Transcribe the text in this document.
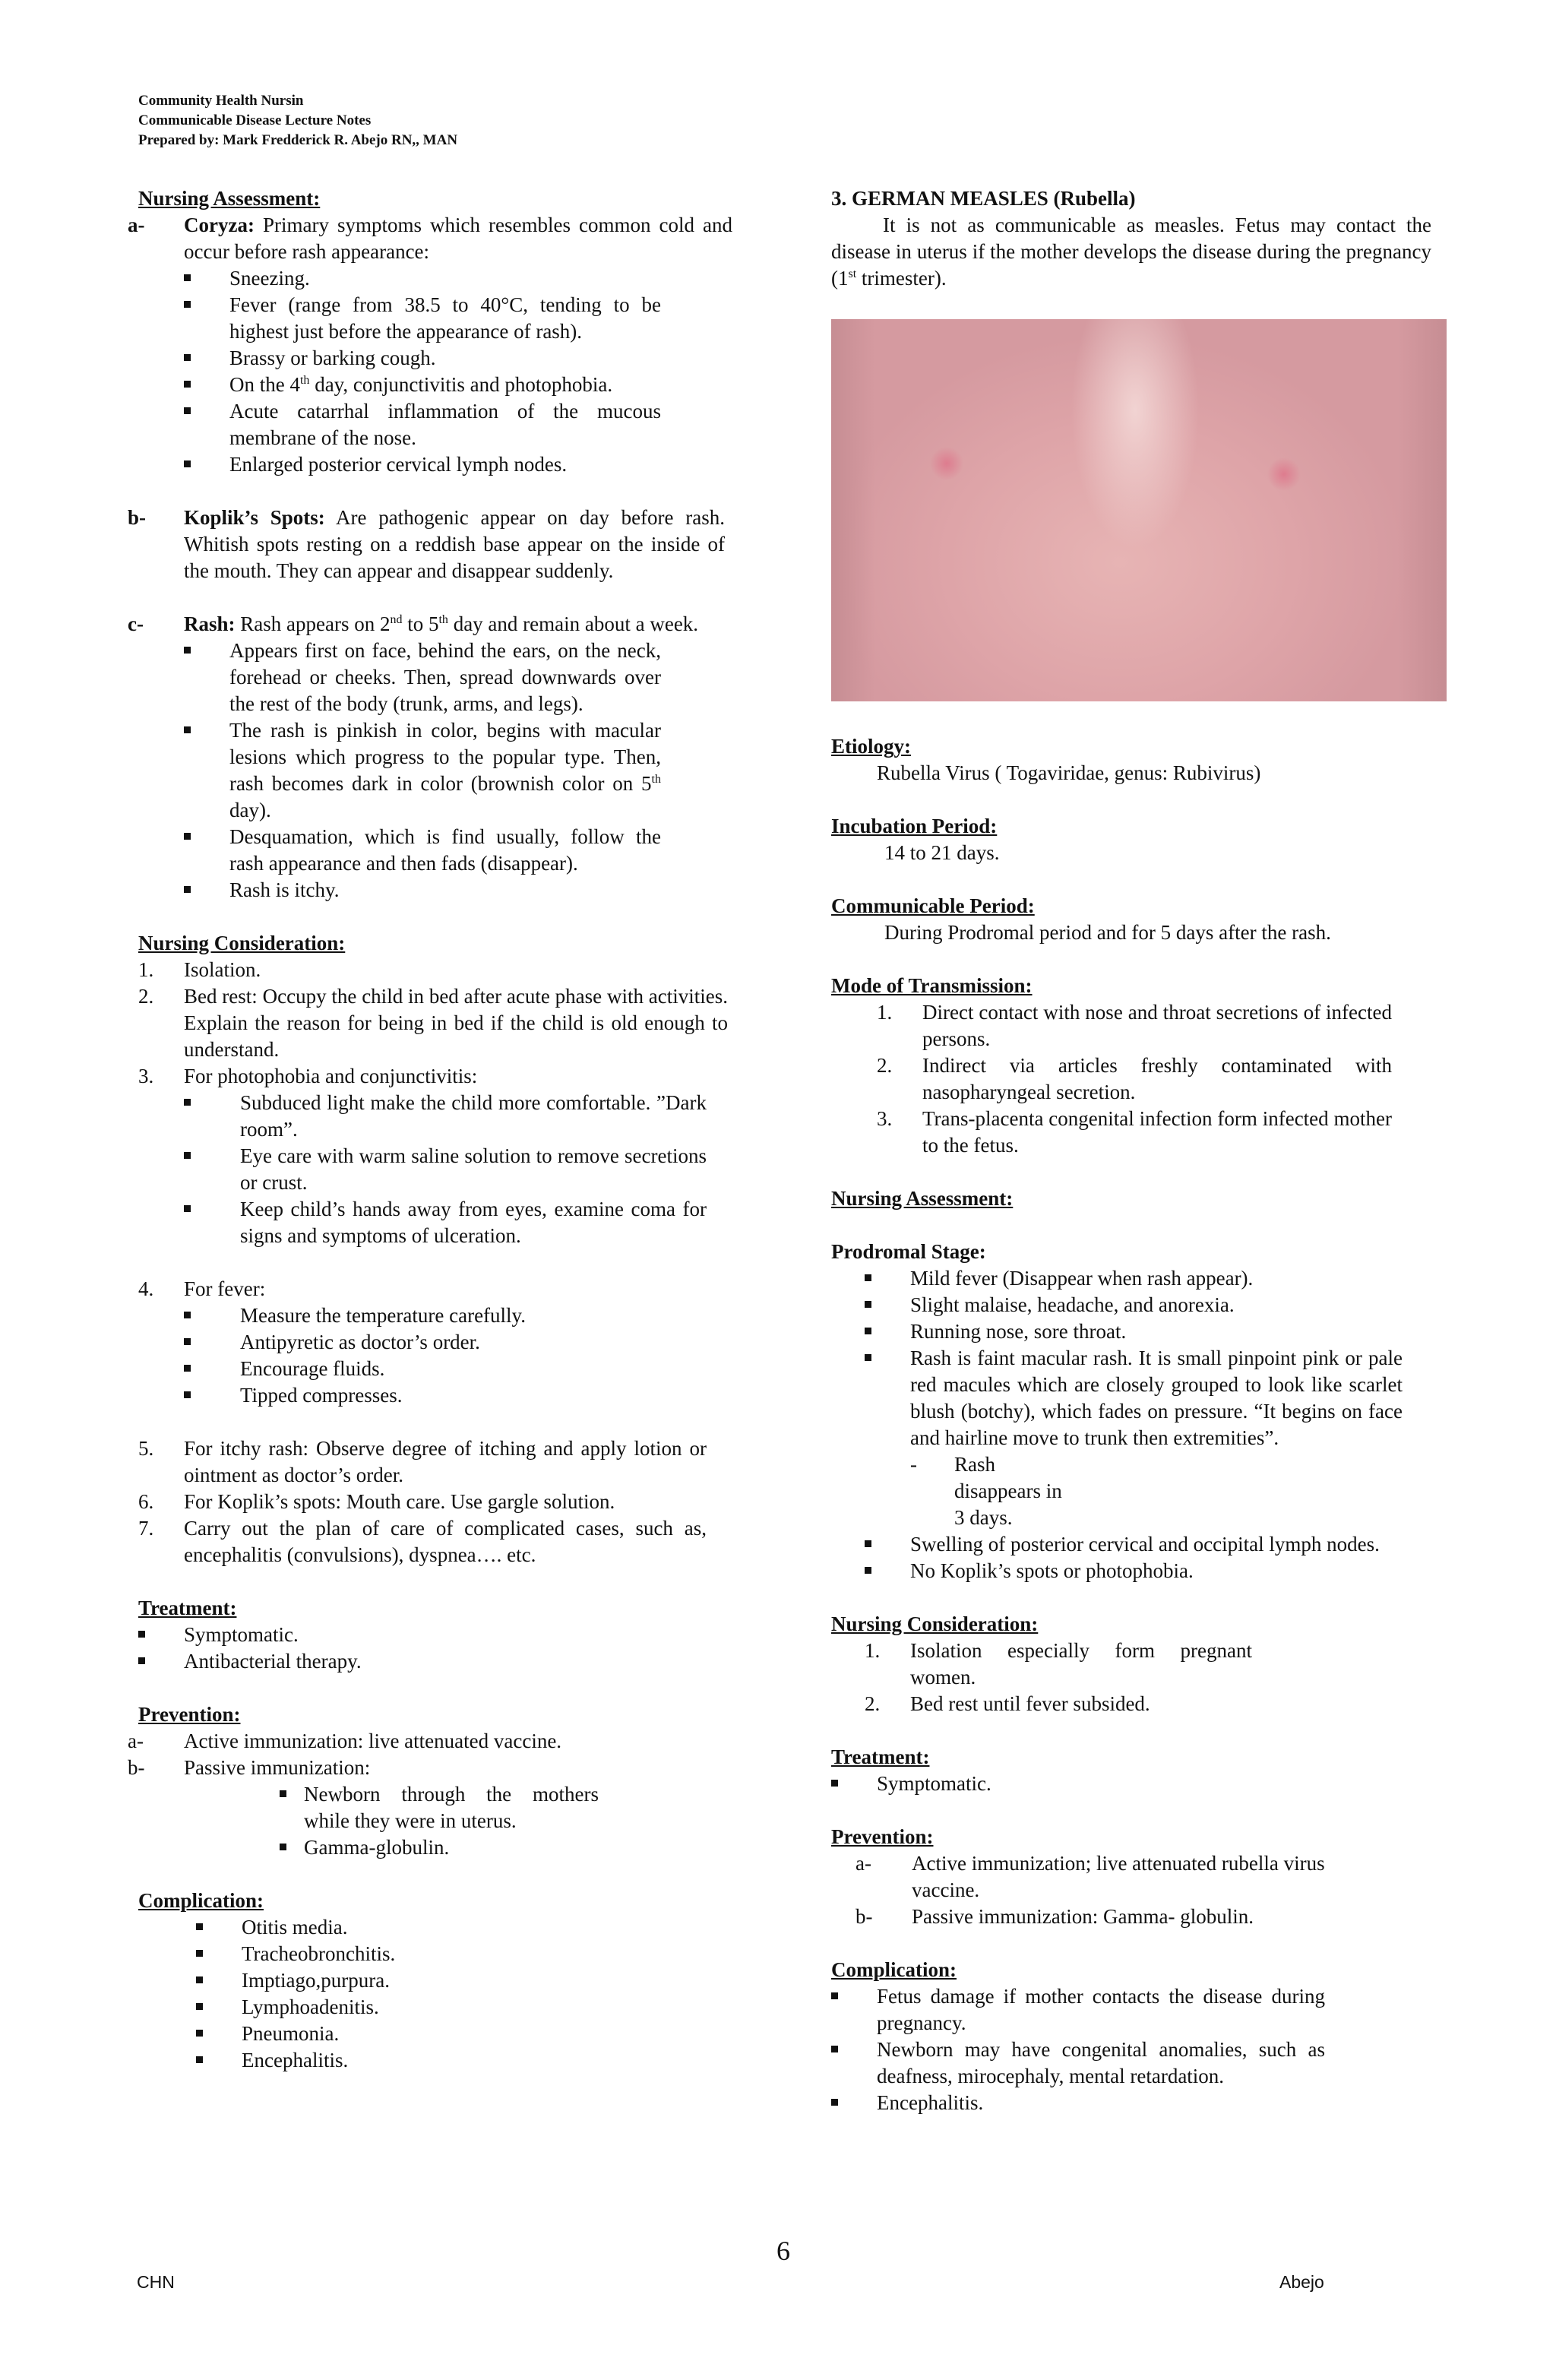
Community Health Nursin
Communicable Disease Lecture Notes
Prepared by: Mark Fredderick R. Abejo RN,, MAN
Nursing Assessment:
a-	Coryza: Primary symptoms which resembles common cold and occur before rash appearance:
Sneezing.
Fever (range from 38.5 to 40°C, tending to be highest just before the appearance of rash).
Brassy or barking cough.
On the 4th day, conjunctivitis and photophobia.
Acute catarrhal inflammation of the mucous membrane of the nose.
Enlarged posterior cervical lymph nodes.
b-	Koplik’s Spots: Are pathogenic appear on day before rash. Whitish spots resting on a reddish base appear on the inside of the mouth. They can appear and disappear suddenly.
c-	Rash: Rash appears on 2nd to 5th day and remain about a week.
Appears first on face, behind the ears, on the neck, forehead or cheeks. Then, spread downwards over the rest of the body (trunk, arms, and legs).
The rash is pinkish in color, begins with macular lesions which progress to the popular type. Then, rash becomes dark in color (brownish color on 5th day).
Desquamation, which is find usually, follow the rash appearance and then fads (disappear).
Rash is itchy.
Nursing Consideration:
1.	Isolation.
2.	Bed rest: Occupy the child in bed after acute phase with activities. Explain the reason for being in bed if the child is old enough to understand.
3.	For photophobia and conjunctivitis:
Subduced light make the child more comfortable. ”Dark room”.
Eye care with warm saline solution to remove secretions or crust.
Keep child’s hands away from eyes, examine coma for signs and symptoms of ulceration.
4.	For fever:
Measure the temperature carefully.
Antipyretic as doctor’s order.
Encourage fluids.
Tipped compresses.
5.	For itchy rash: Observe degree of itching and apply lotion or ointment as doctor’s order.
6.	For Koplik’s spots: Mouth care. Use gargle solution.
7.	Carry out the plan of care of complicated cases, such as, encephalitis (convulsions), dyspnea…. etc.
Treatment:
Symptomatic.
Antibacterial therapy.
Prevention:
a-	Active immunization: live attenuated vaccine.
b-	Passive immunization:
Newborn through the mothers while they were in uterus.
Gamma-globulin.
Complication:
Otitis media.
Tracheobronchitis.
Imptiago,purpura.
Lymphoadenitis.
Pneumonia.
Encephalitis.
3. GERMAN MEASLES (Rubella)

It is not as communicable as measles. Fetus may contact the disease in uterus if the mother develops the disease during the pregnancy (1st trimester).

Etiology:
Rubella Virus ( Togaviridae, genus: Rubivirus)
Incubation Period:
14 to 21 days.
Communicable Period:
During Prodromal period and for 5 days after the rash.
Mode of Transmission:
1.	Direct contact with nose and throat secretions of infected persons.
2.	Indirect via articles freshly contaminated with nasopharyngeal secretion.
3.	Trans-placenta congenital infection form infected mother to the fetus.
Nursing Assessment:
Prodromal Stage:
Mild fever (Disappear when rash appear).
Slight malaise, headache, and anorexia.
Running nose, sore throat.
Rash is faint macular rash. It is small pinpoint pink or pale red macules which are closely grouped to look like scarlet blush (botchy), which fades on pressure. “It begins on face and hairline move to trunk then extremities”.
-	Rash disappears in 3 days.
Swelling of posterior cervical and occipital lymph nodes.
No Koplik’s spots or photophobia.
Nursing Consideration:
1.	Isolation especially form pregnant women.
2.	Bed rest until fever subsided.
Treatment:
Symptomatic.
Prevention:
a-	Active immunization; live attenuated rubella virus vaccine.
b-	Passive immunization: Gamma- globulin.
Complication:
Fetus damage if mother contacts the disease during pregnancy.
Newborn may have congenital anomalies, such as deafness, mirocephaly, mental retardation.
Encephalitis.
6
CHN	Abejo
